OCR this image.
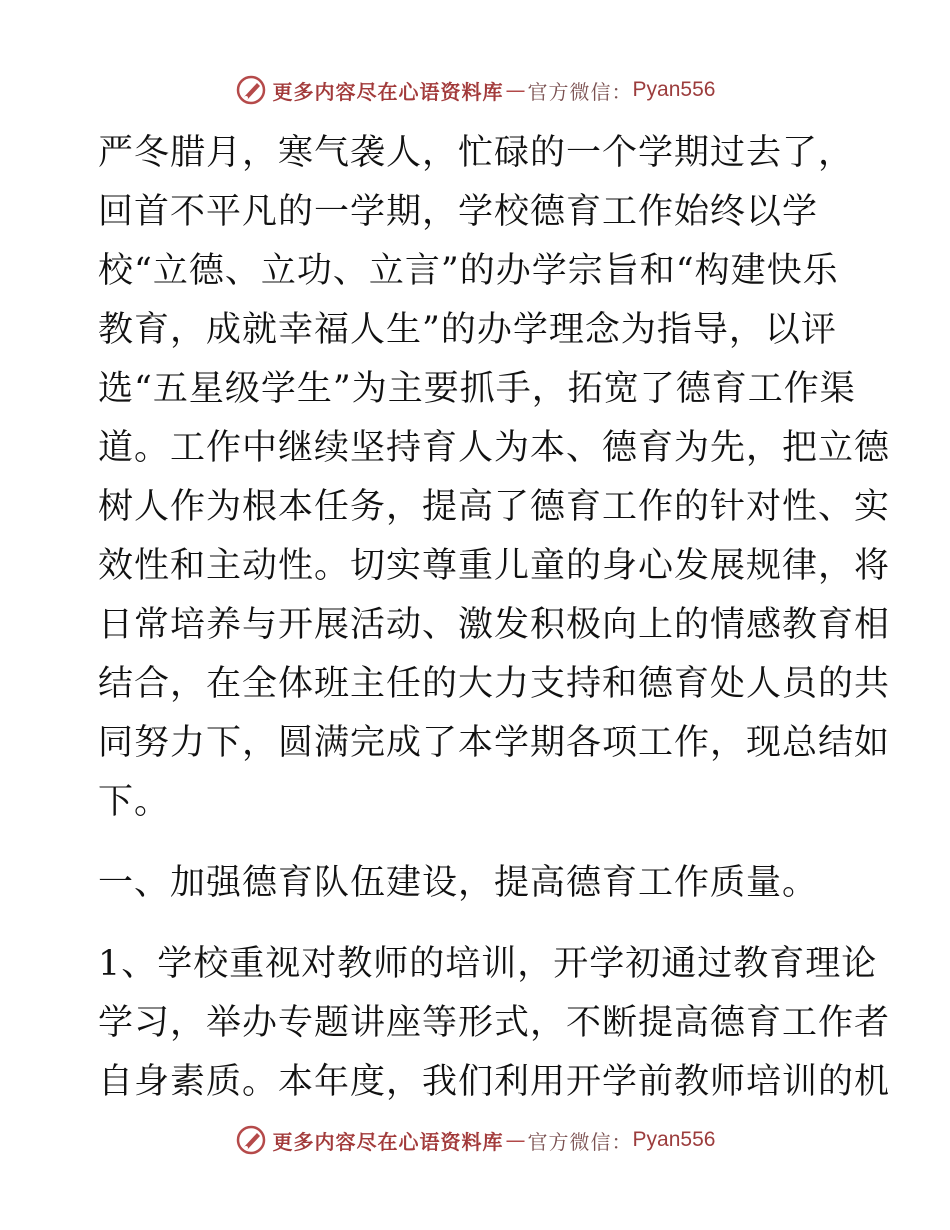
更多内容尽在心语资料库 — 官方微信： Pyan556
严冬腊月，寒气袭人，忙碌的一个学期过去了，
回首不平凡的一学期，学校德育工作始终以学
校“立德、立功、立言”的办学宗旨和“构建快乐
教育，成就幸福人生”的办学理念为指导，以评
选“五星级学生”为主要抓手，拓宽了德育工作渠
道。工作中继续坚持育人为本、德育为先，把立德
树人作为根本任务，提高了德育工作的针对性、实
效性和主动性。切实尊重儿童的身心发展规律，将
日常培养与开展活动、激发积极向上的情感教育相
结合，在全体班主任的大力支持和德育处人员的共
同努力下，圆满完成了本学期各项工作，现总结如
下。
一、加强德育队伍建设，提高德育工作质量。
1、学校重视对教师的培训，开学初通过教育理论
学习，举办专题讲座等形式，不断提高德育工作者
自身素质。本年度，我们利用开学前教师培训的机
更多内容尽在心语资料库 — 官方微信： Pyan556
